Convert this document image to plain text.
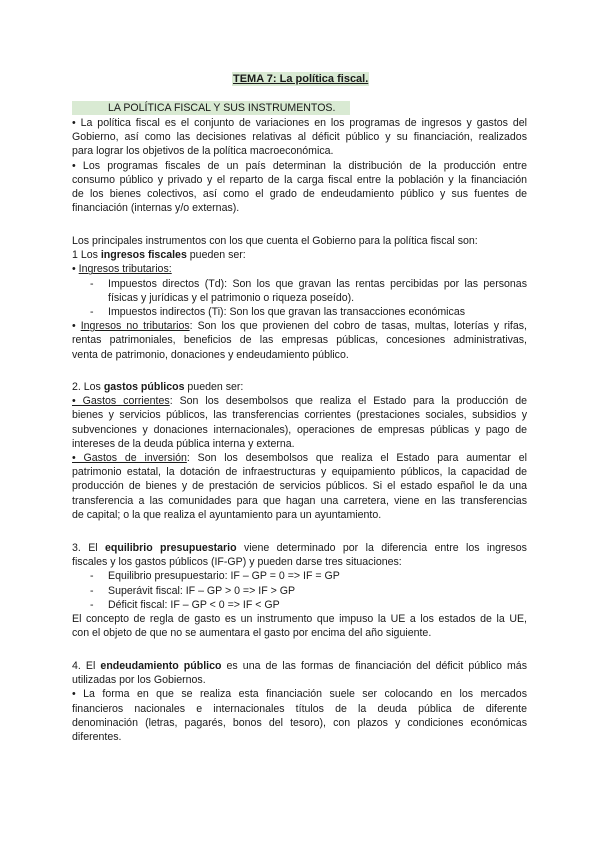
TEMA 7: La política fiscal.
LA POLÍTICA FISCAL Y SUS INSTRUMENTOS.
• La política fiscal es el conjunto de variaciones en los programas de ingresos y gastos del
Gobierno, así como las decisiones relativas al déficit público y su financiación, realizados
para lograr los objetivos de la política macroeconómica.
• Los programas fiscales de un país determinan la distribución de la producción entre
consumo público y privado y el reparto de la carga fiscal entre la población y la financiación
de los bienes colectivos, así como el grado de endeudamiento público y sus fuentes de
financiación (internas y/o externas).
Los principales instrumentos con los que cuenta el Gobierno para la política fiscal son:
1 Los ingresos fiscales pueden ser:
• Ingresos tributarios:
- Impuestos directos (Td): Son los que gravan las rentas percibidas por las personas
físicas y jurídicas y el patrimonio o riqueza poseído).
- Impuestos indirectos (Ti): Son los que gravan las transacciones económicas
• Ingresos no tributarios: Son los que provienen del cobro de tasas, multas, loterías y rifas,
rentas patrimoniales, beneficios de las empresas públicas, concesiones administrativas,
venta de patrimonio, donaciones y endeudamiento público.
2. Los gastos públicos pueden ser:
• Gastos corrientes: Son los desembolsos que realiza el Estado para la producción de
bienes y servicios públicos, las transferencias corrientes (prestaciones sociales, subsidios y
subvenciones y donaciones internacionales), operaciones de empresas públicas y pago de
intereses de la deuda pública interna y externa.
• Gastos de inversión: Son los desembolsos que realiza el Estado para aumentar el
patrimonio estatal, la dotación de infraestructuras y equipamiento públicos, la capacidad de
producción de bienes y de prestación de servicios públicos. Si el estado español le da una
transferencia a las comunidades para que hagan una carretera, viene en las transferencias
de capital; o la que realiza el ayuntamiento para un ayuntamiento.
3. El equilibrio presupuestario viene determinado por la diferencia entre los ingresos
fiscales y los gastos públicos (IF-GP) y pueden darse tres situaciones:
- Equilibrio presupuestario: IF – GP = 0 => IF = GP
- Superávit fiscal: IF – GP > 0 => IF > GP
- Déficit fiscal: IF – GP < 0 => IF < GP
El concepto de regla de gasto es un instrumento que impuso la UE a los estados de la UE,
con el objeto de que no se aumentara el gasto por encima del año siguiente.
4. El endeudamiento público es una de las formas de financiación del déficit público más
utilizadas por los Gobiernos.
• La forma en que se realiza esta financiación suele ser colocando en los mercados
financieros nacionales e internacionales títulos de la deuda pública de diferente
denominación (letras, pagarés, bonos del tesoro), con plazos y condiciones económicas
diferentes.
